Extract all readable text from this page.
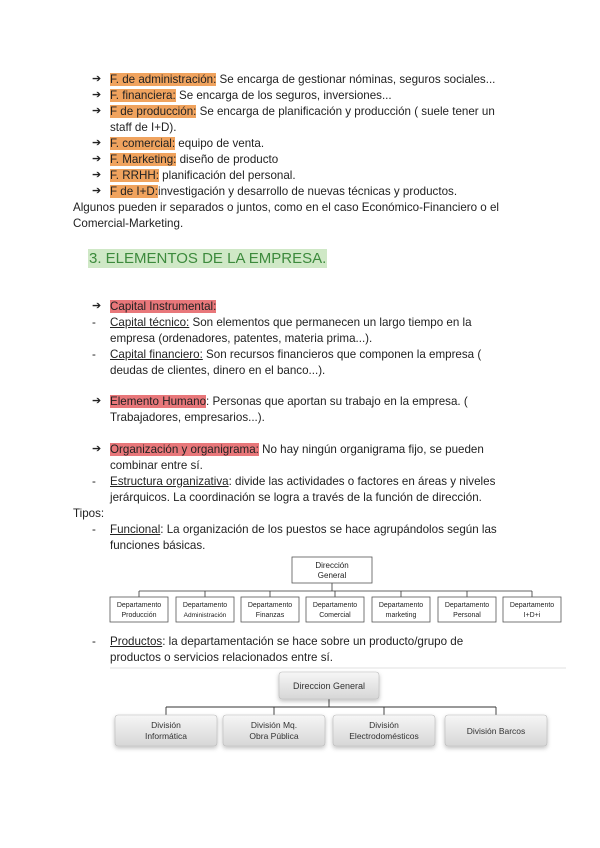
➔ F. de administración: Se encarga de gestionar nóminas, seguros sociales...
➔ F. financiera: Se encarga de los seguros, inversiones...
➔ F de producción: Se encarga de planificación y producción ( suele tener un
staff de I+D).
➔ F. comercial: equipo de venta.
➔ F. Marketing: diseño de producto
➔ F. RRHH: planificación del personal.
➔ F de I+D:investigación y desarrollo de nuevas técnicas y productos.
Algunos pueden ir separados o juntos, como en el caso Económico-Financiero o el
Comercial-Marketing.
3. ELEMENTOS DE LA EMPRESA.
➔ Capital Instrumental:
- Capital técnico: Son elementos que permanecen un largo tiempo en la
empresa (ordenadores, patentes, materia prima...).
- Capital financiero: Son recursos financieros que componen la empresa (
deudas de clientes, dinero en el banco...).
➔ Elemento Humano: Personas que aportan su trabajo en la empresa. (
Trabajadores, empresarios...).
➔ Organización y organigrama: No hay ningún organigrama fijo, se pueden
combinar entre sí.
- Estructura organizativa: divide las actividades o factores en áreas y niveles
jerárquicos. La coordinación se logra a través de la función de dirección.
Tipos:
- Funcional: La organización de los puestos se hace agrupándolos según las
funciones básicas.
Dirección
General
Departamento
Producción
Departamento
Administración
Departamento
Finanzas
Departamento
Comercial
Departamento
marketing
Departamento
Personal
Departamento
I+D+i
- Productos: la departamentación se hace sobre un producto/grupo de
productos o servicios relacionados entre sí.
Direccion General
División
Informática
División Mq.
Obra Pública
División
Electrodomésticos	División Barcos
